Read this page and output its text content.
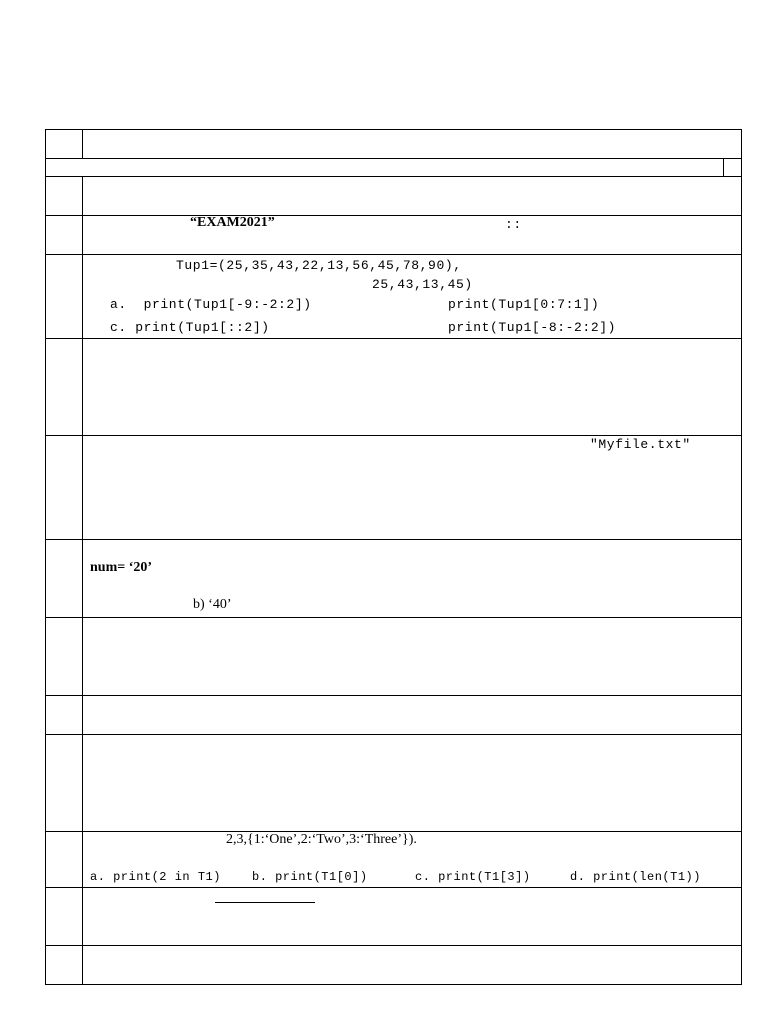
“EXAM2021”	::
Tup1=(25,35,43,22,13,56,45,78,90),
25,43,13,45)
a.  print(Tup1[-9:-2:2])	print(Tup1[0:7:1])
c. print(Tup1[::2])	print(Tup1[-8:-2:2])
"Myfile.txt"
num= ‘20’
b) ‘40’
2,3,{1:‘One’,2:‘Two’,3:‘Three’}).
a. print(2 in T1)	b. print(T1[0])	c. print(T1[3])	d. print(len(T1))
